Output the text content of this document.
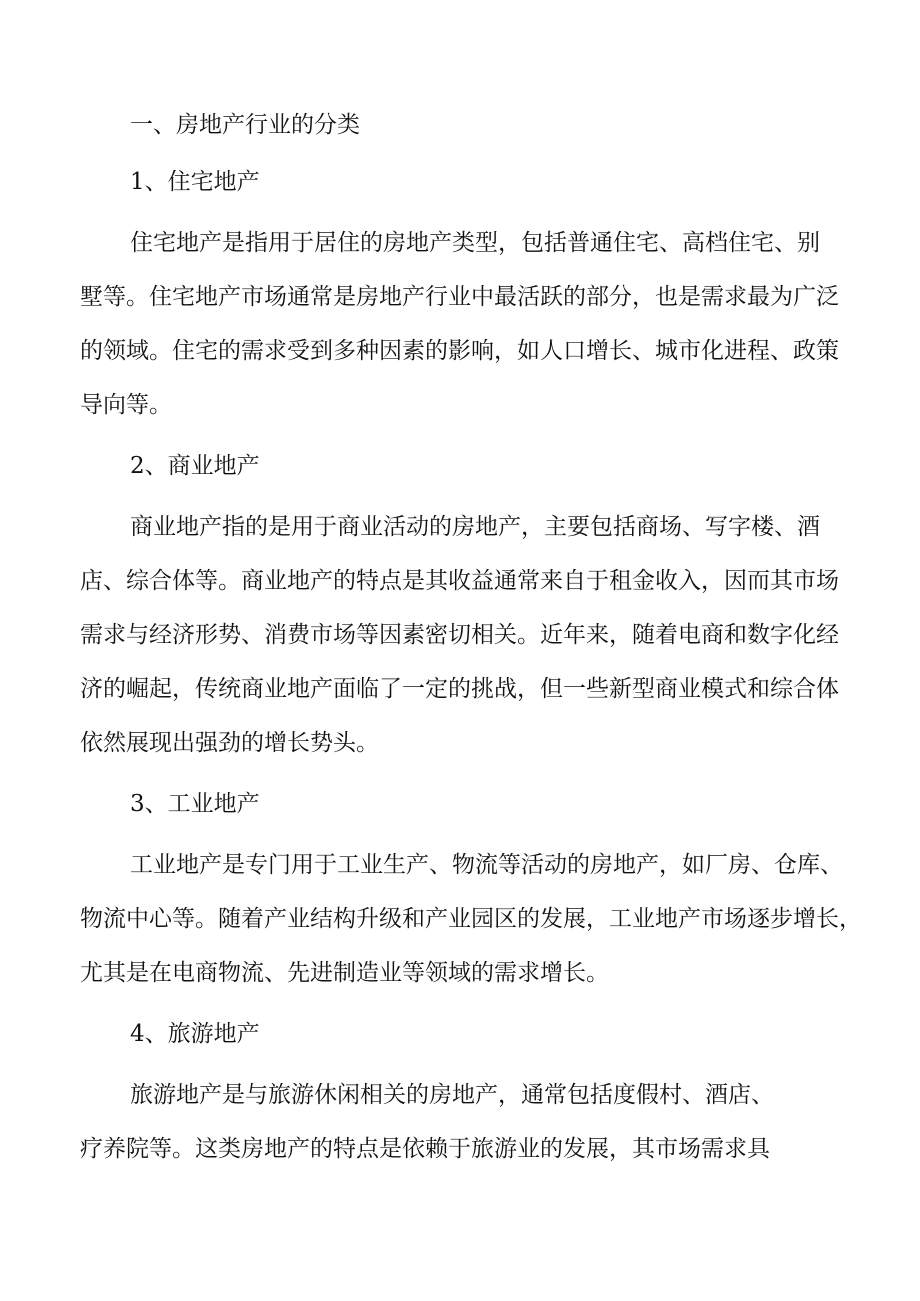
一、房地产行业的分类
1、住宅地产
住宅地产是指用于居住的房地产类型，包括普通住宅、高档住宅、别
墅等。住宅地产市场通常是房地产行业中最活跃的部分，也是需求最为广泛
的领域。住宅的需求受到多种因素的影响，如人口增长、城市化进程、政策
导向等。
2、商业地产
商业地产指的是用于商业活动的房地产，主要包括商场、写字楼、酒
店、综合体等。商业地产的特点是其收益通常来自于租金收入，因而其市场
需求与经济形势、消费市场等因素密切相关。近年来，随着电商和数字化经
济的崛起，传统商业地产面临了一定的挑战，但一些新型商业模式和综合体
依然展现出强劲的增长势头。
3、工业地产
工业地产是专门用于工业生产、物流等活动的房地产，如厂房、仓库、
物流中心等。随着产业结构升级和产业园区的发展，工业地产市场逐步增长，
尤其是在电商物流、先进制造业等领域的需求增长。
4、旅游地产
旅游地产是与旅游休闲相关的房地产，通常包括度假村、酒店、
疗养院等。这类房地产的特点是依赖于旅游业的发展，其市场需求具
